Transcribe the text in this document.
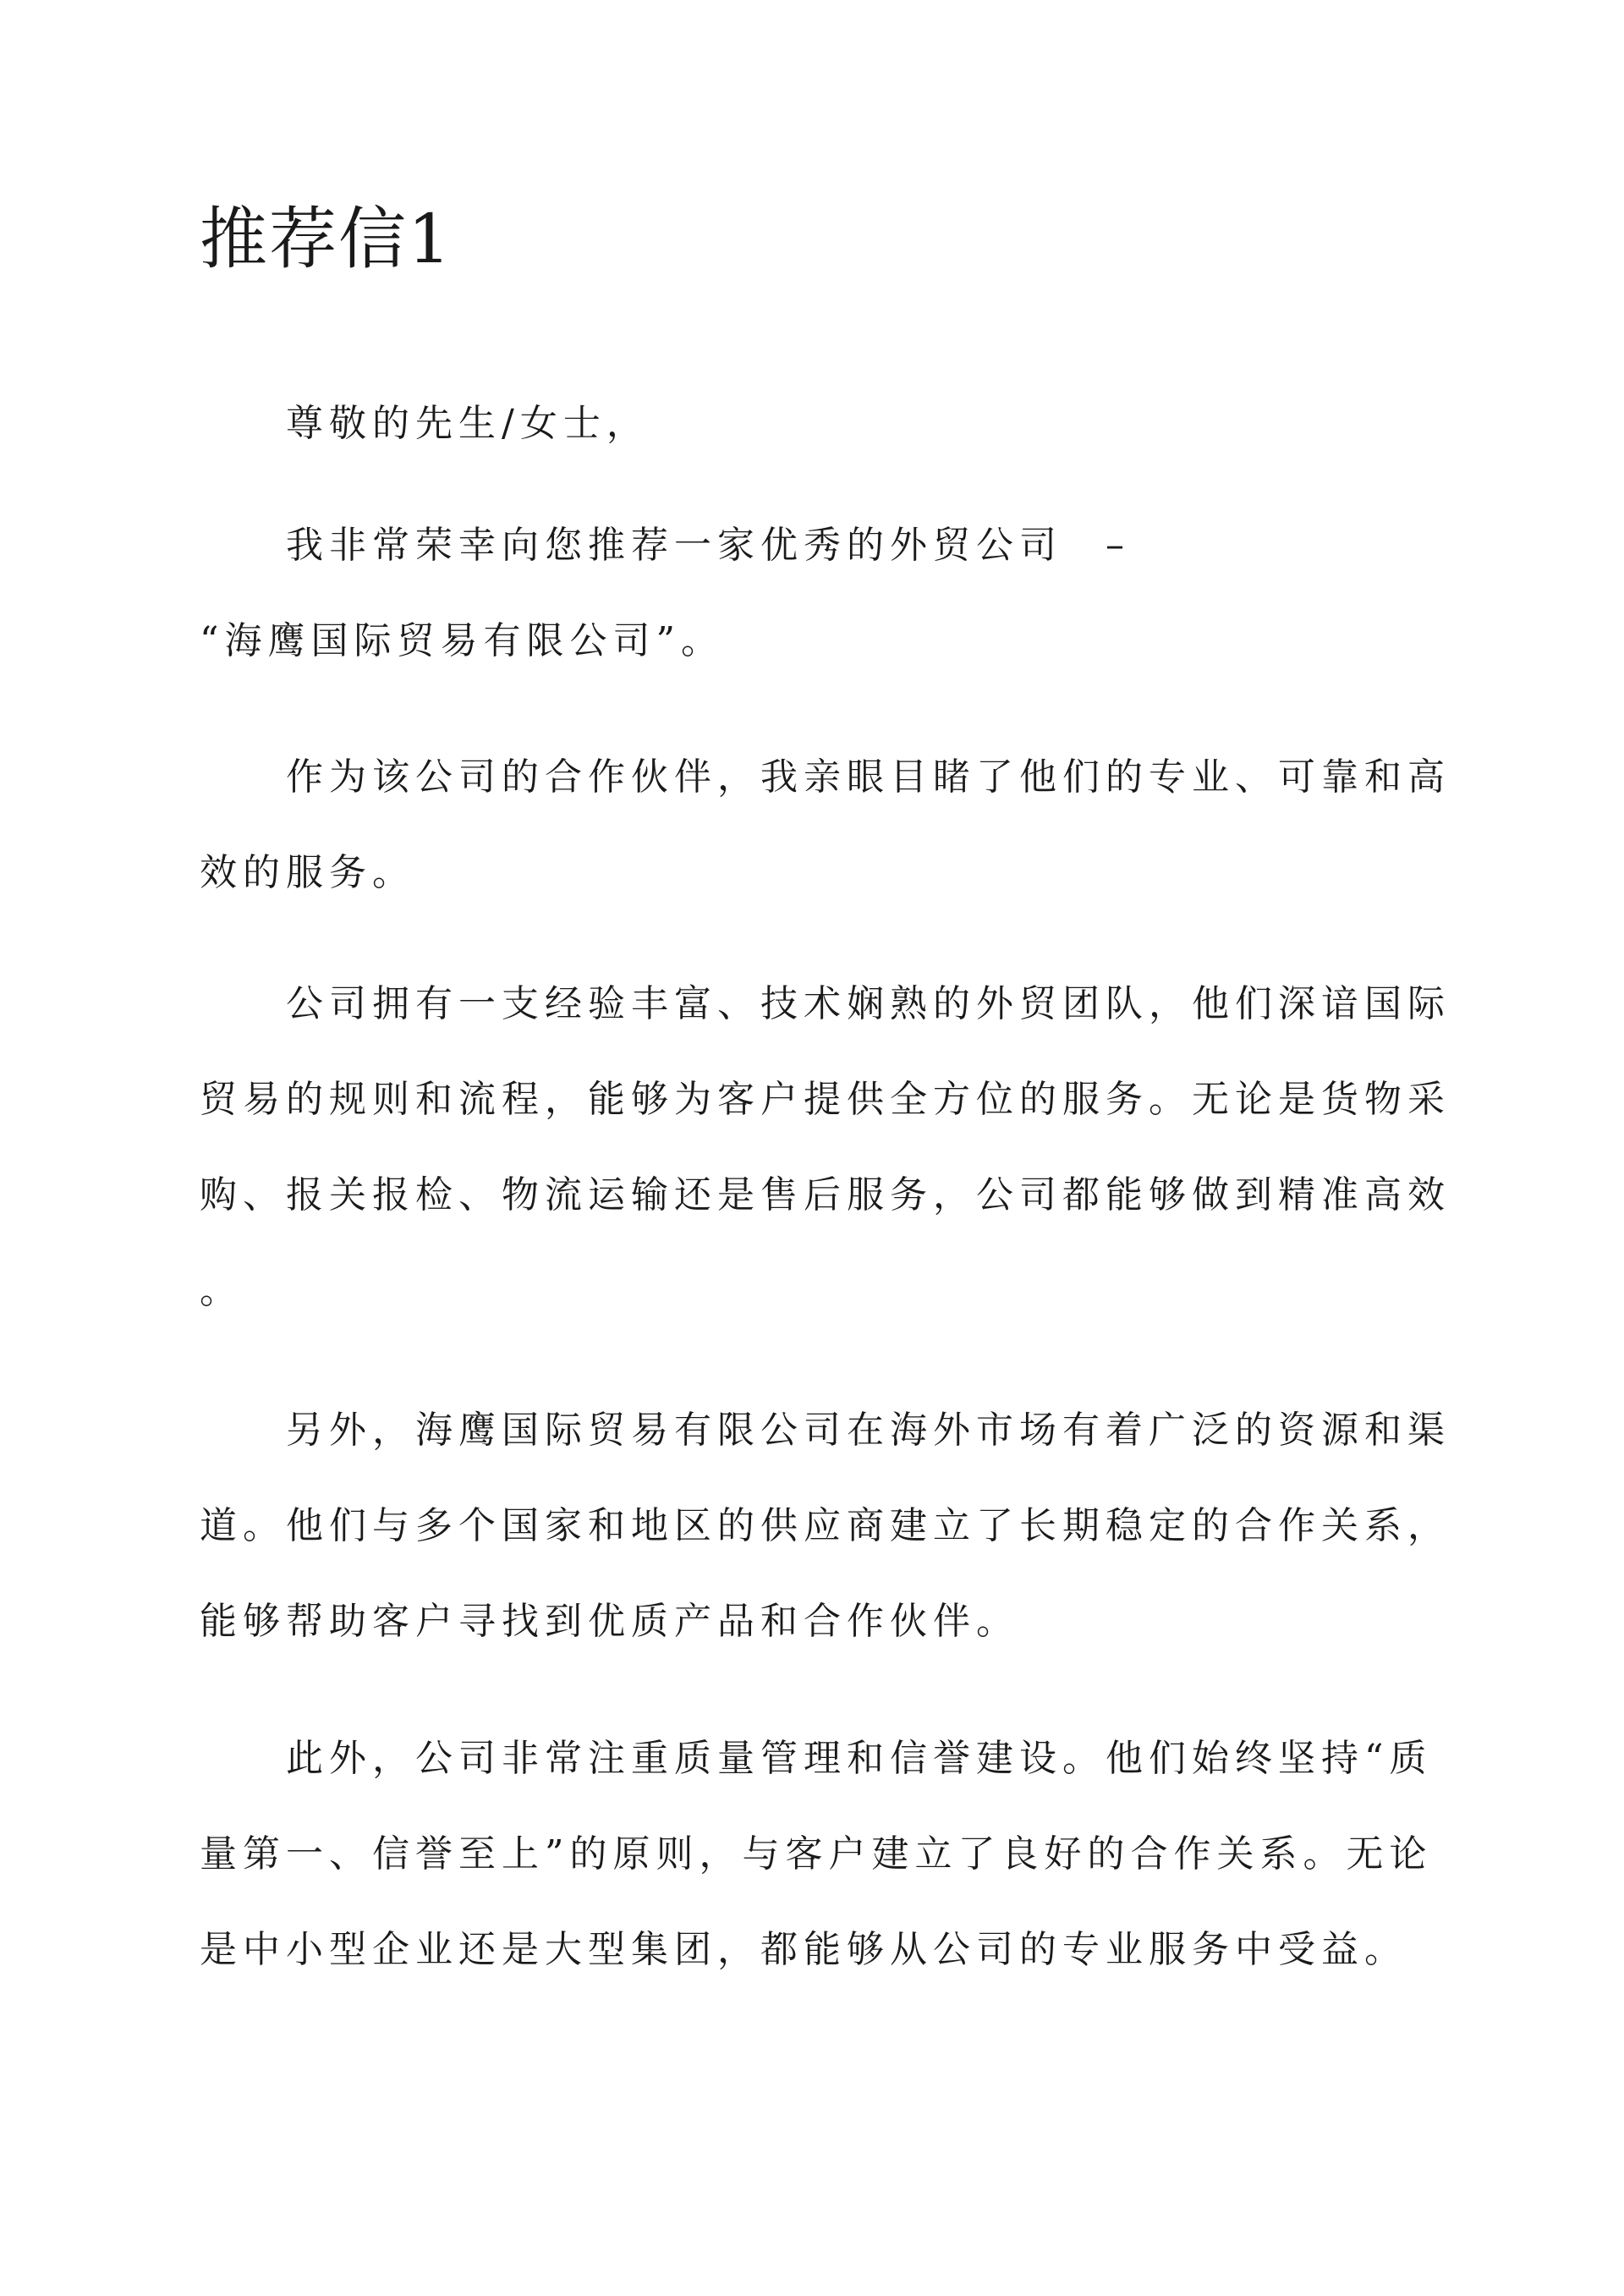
推荐信1

　　尊敬的先生/女士，

　　我非常荣幸向您推荐一家优秀的外贸公司　–
“海鹰国际贸易有限公司”。

　　作为该公司的合作伙伴，我亲眼目睹了他们的专业、可靠和高
效的服务。

　　公司拥有一支经验丰富、技术娴熟的外贸团队，他们深谙国际
贸易的规则和流程，能够为客户提供全方位的服务。无论是货物采
购、报关报检、物流运输还是售后服务，公司都能够做到精准高效
。

　　另外，海鹰国际贸易有限公司在海外市场有着广泛的资源和渠
道。他们与多个国家和地区的供应商建立了长期稳定的合作关系，
能够帮助客户寻找到优质产品和合作伙伴。

　　此外，公司非常注重质量管理和信誉建设。他们始终坚持“质
量第一、信誉至上”的原则，与客户建立了良好的合作关系。无论
是中小型企业还是大型集团，都能够从公司的专业服务中受益。
